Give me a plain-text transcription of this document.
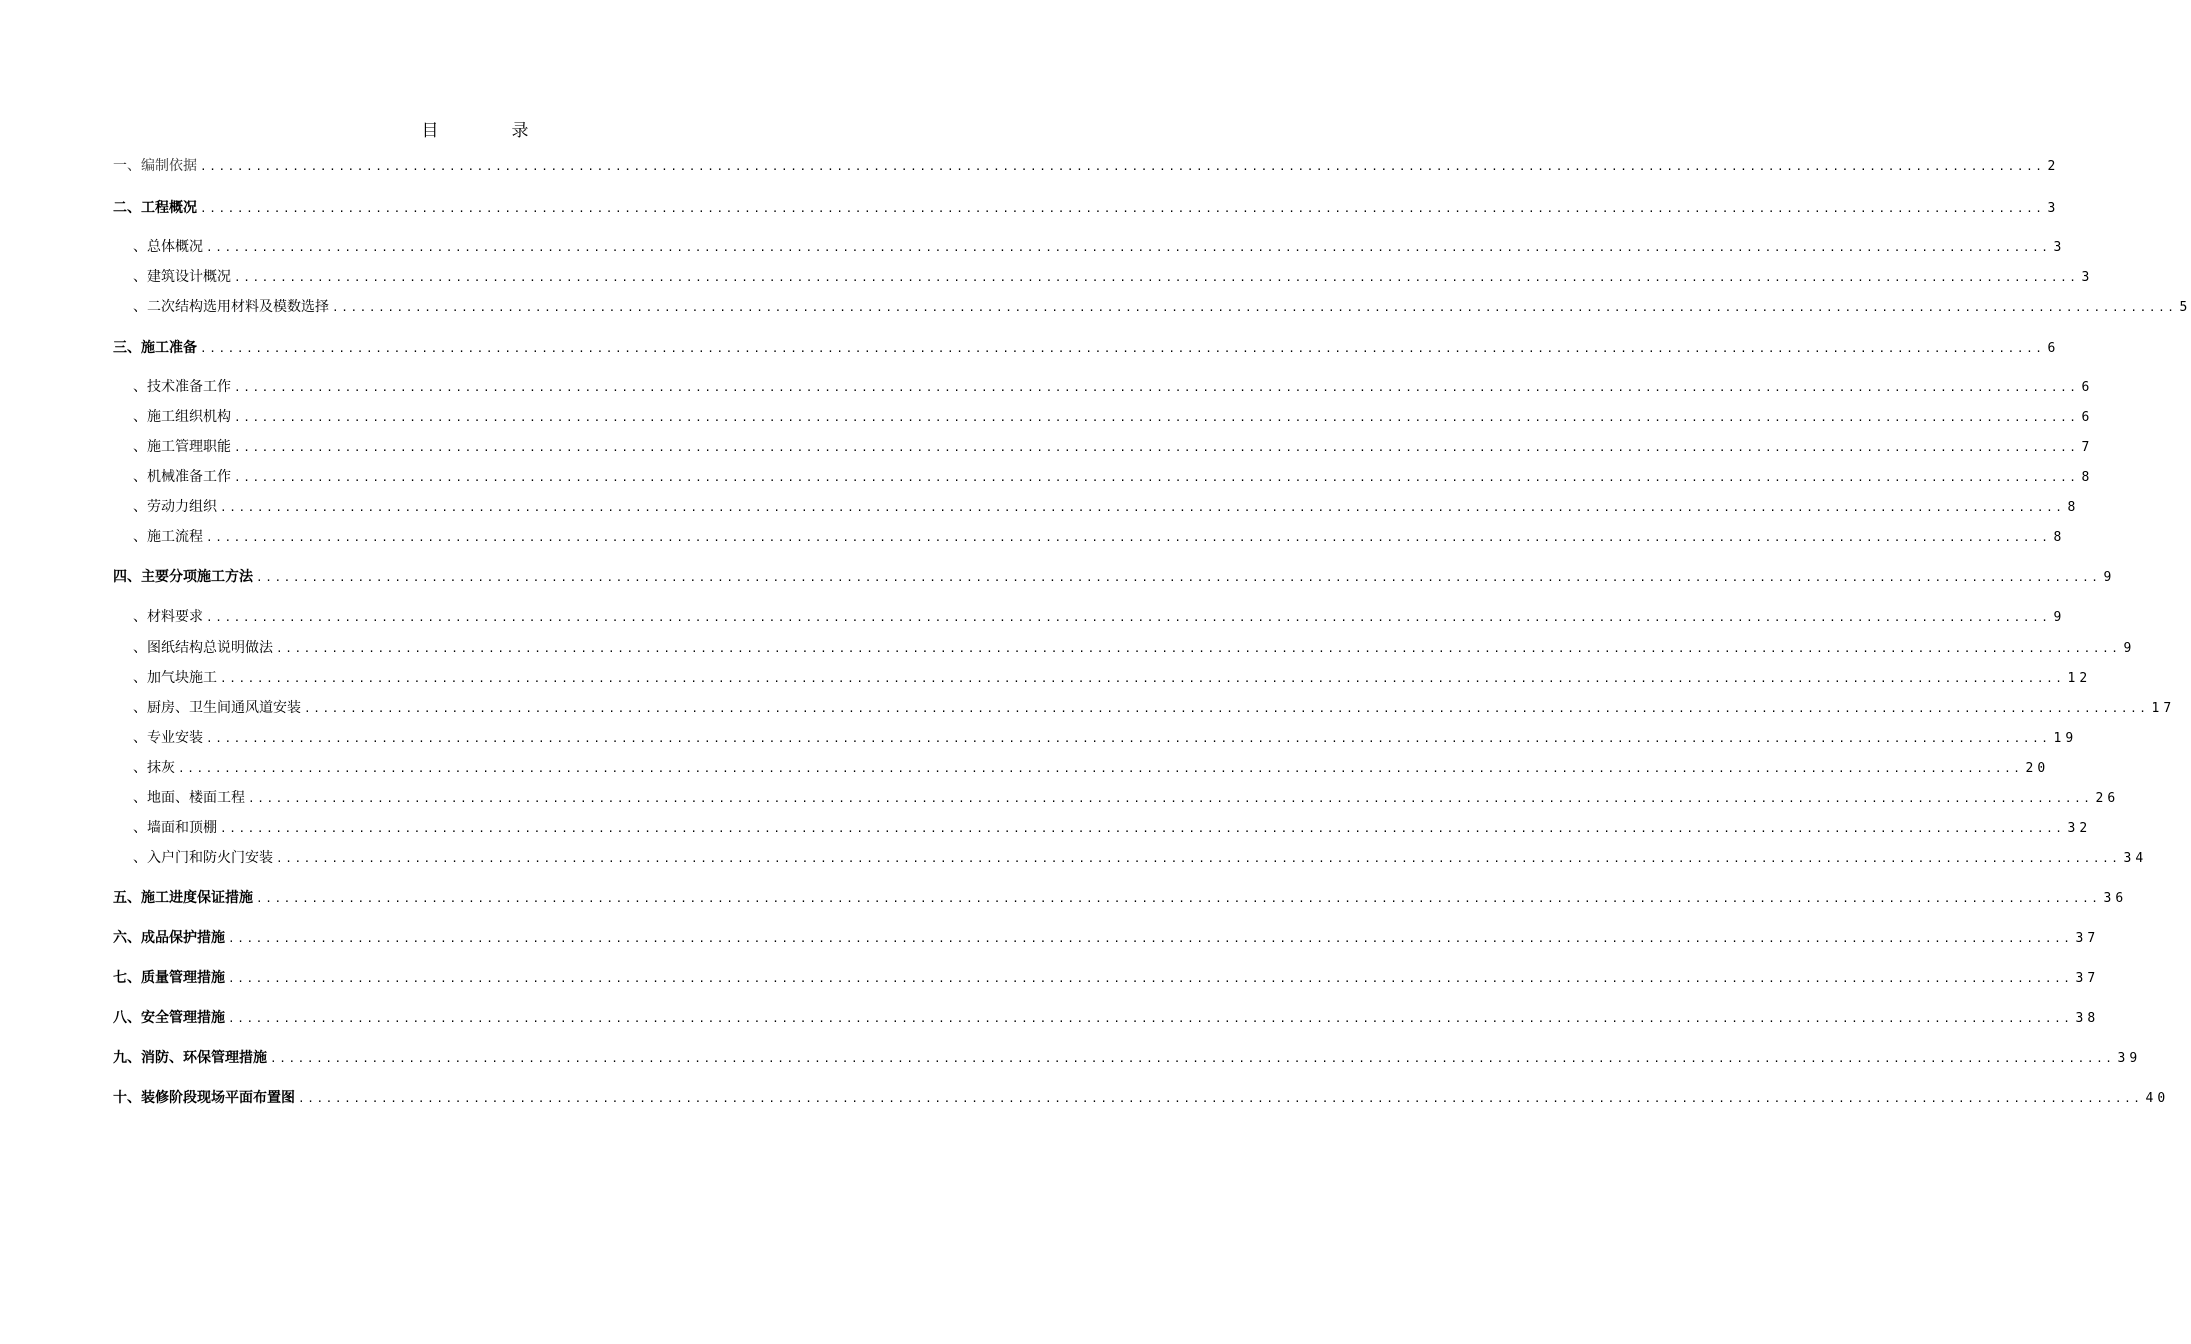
目　录
一、编制依据 ........................................................................................................................................................................................................ 2
二、工程概况 ........................................................................................................................................................................................................ 3
、总体概况 ........................................................................................................................................................................................................ 3
、建筑设计概况 ........................................................................................................................................................................................................ 3
、二次结构选用材料及模数选择 ........................................................................................................................................................................................................ 5
三、施工准备 ........................................................................................................................................................................................................ 6
、技术准备工作 ........................................................................................................................................................................................................ 6
、施工组织机构 ........................................................................................................................................................................................................ 6
、施工管理职能 ........................................................................................................................................................................................................ 7
、机械准备工作 ........................................................................................................................................................................................................ 8
、劳动力组织 ........................................................................................................................................................................................................ 8
、施工流程 ........................................................................................................................................................................................................ 8
四、主要分项施工方法 ........................................................................................................................................................................................................ 9
、材料要求 ........................................................................................................................................................................................................ 9
、图纸结构总说明做法 ........................................................................................................................................................................................................ 9
、加气块施工 ........................................................................................................................................................................................................ 12
、厨房、卫生间通风道安装 ........................................................................................................................................................................................................ 17
、专业安装 ........................................................................................................................................................................................................ 19
、抹灰 ........................................................................................................................................................................................................ 20
、地面、楼面工程 ........................................................................................................................................................................................................ 26
、墙面和顶棚 ........................................................................................................................................................................................................ 32
、入户门和防火门安装 ........................................................................................................................................................................................................ 34
五、施工进度保证措施 ........................................................................................................................................................................................................ 36
六、成品保护措施 ........................................................................................................................................................................................................ 37
七、质量管理措施 ........................................................................................................................................................................................................ 37
八、安全管理措施 ........................................................................................................................................................................................................ 38
九、消防、环保管理措施 ........................................................................................................................................................................................................ 39
十、装修阶段现场平面布置图 ........................................................................................................................................................................................................ 40
